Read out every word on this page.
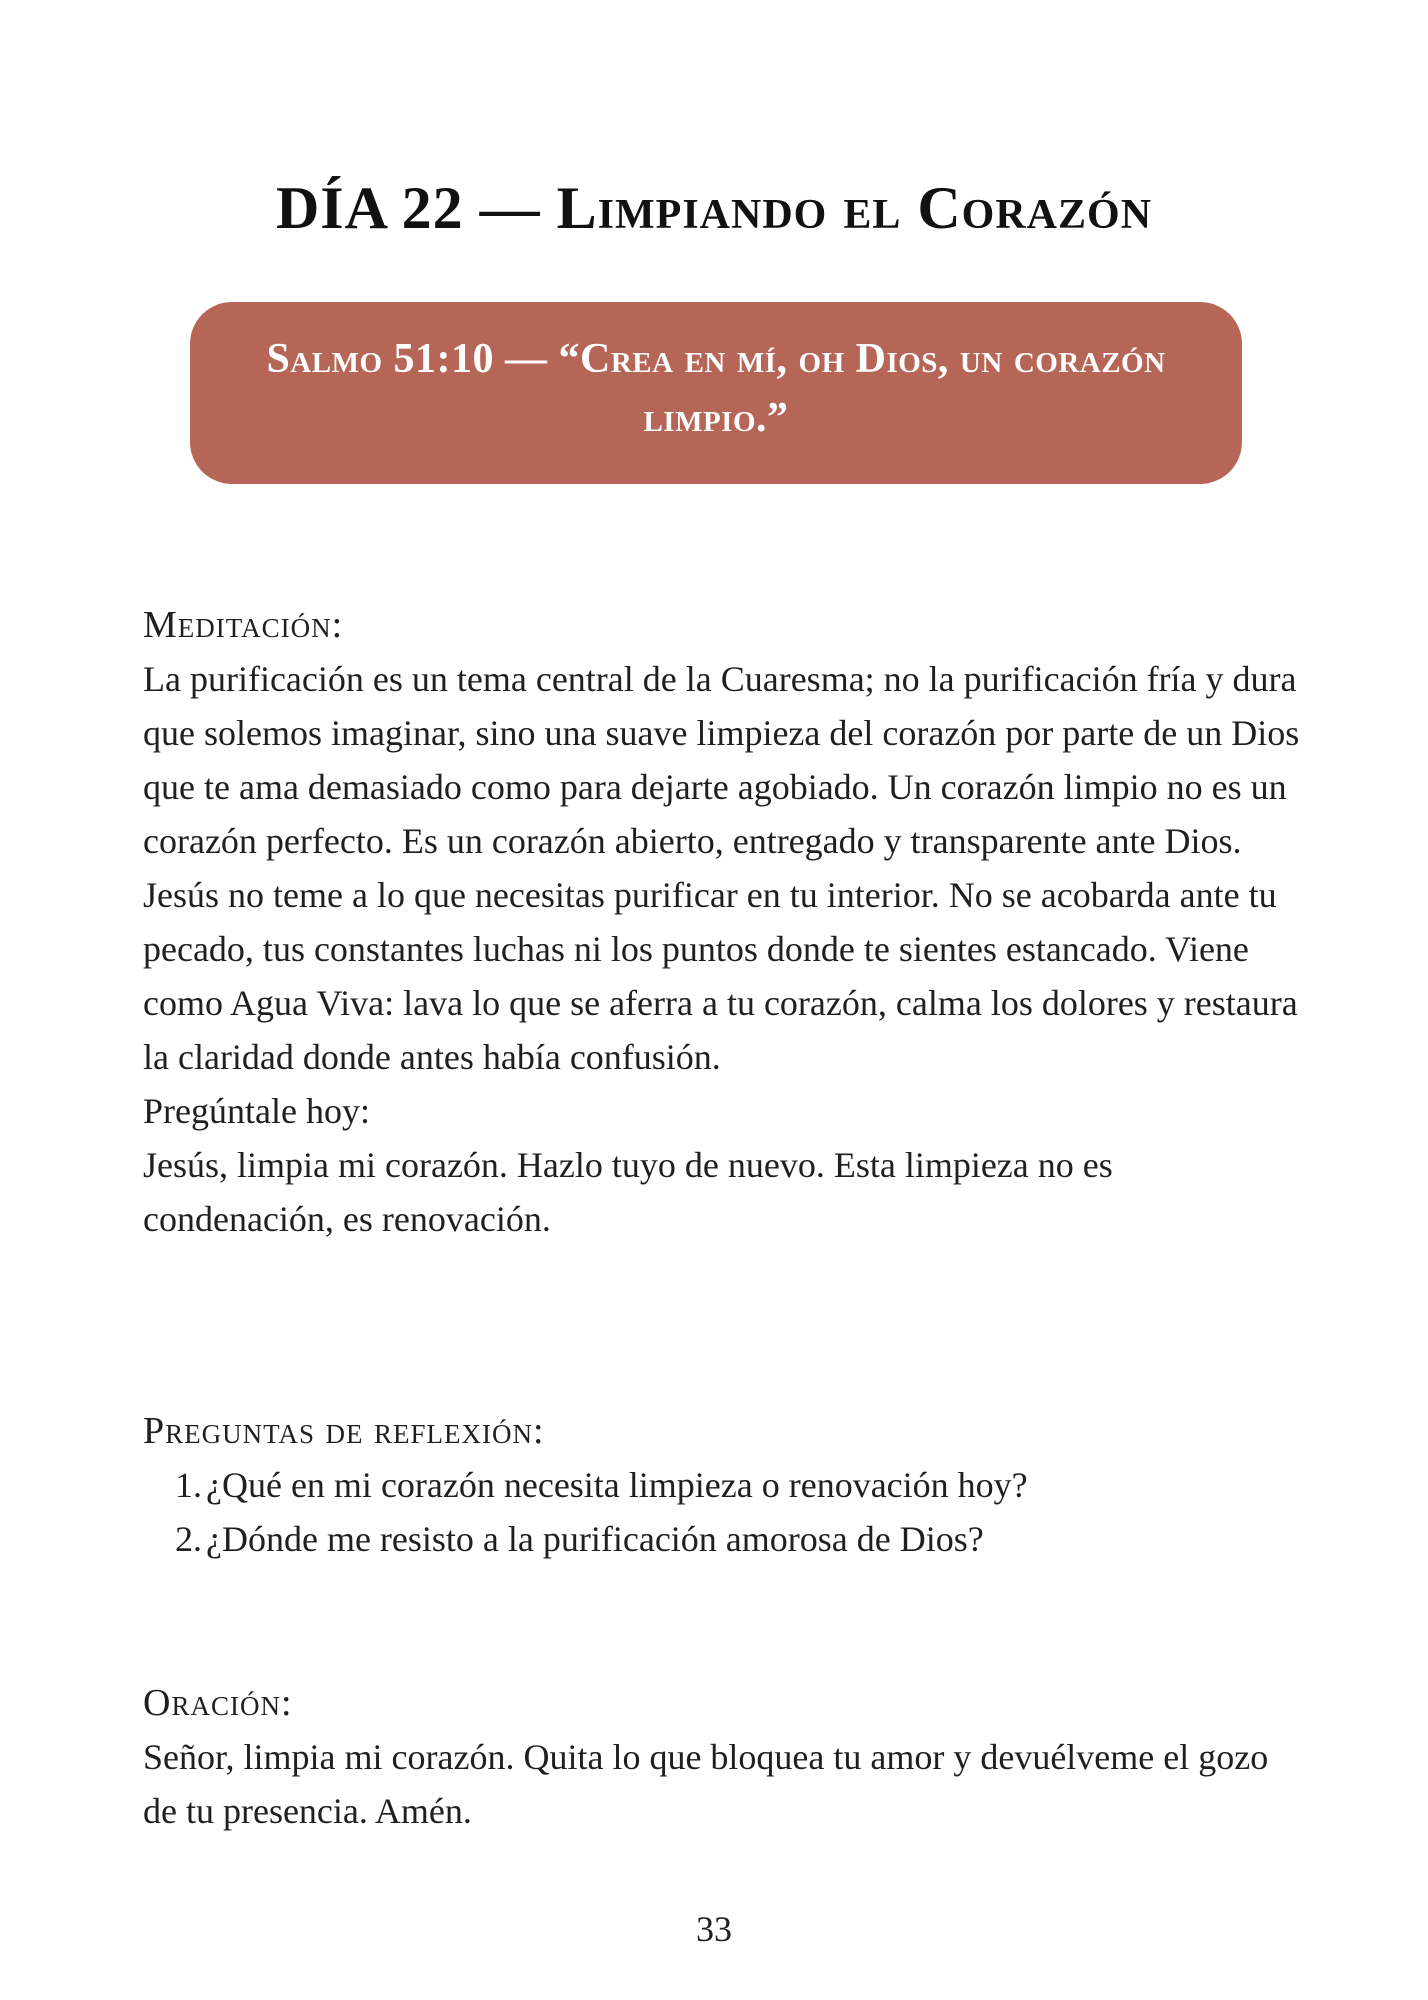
DÍA 22 — Limpiando el Corazón
Salmo 51:10 — “Crea en mí, oh Dios, un corazón limpio.”

Meditación:

La purificación es un tema central de la Cuaresma; no la purificación fría y dura que solemos imaginar, sino una suave limpieza del corazón por parte de un Dios que te ama demasiado como para dejarte agobiado. Un corazón limpio no es un corazón perfecto. Es un corazón abierto, entregado y transparente ante Dios.

Jesús no teme a lo que necesitas purificar en tu interior. No se acobarda ante tu pecado, tus constantes luchas ni los puntos donde te sientes estancado. Viene como Agua Viva: lava lo que se aferra a tu corazón, calma los dolores y restaura la claridad donde antes había confusión.

Pregúntale hoy:

Jesús, limpia mi corazón. Hazlo tuyo de nuevo. Esta limpieza no es condenación, es renovación.

Preguntas de reflexión:

1. ¿Qué en mi corazón necesita limpieza o renovación hoy?
2. ¿Dónde me resisto a la purificación amorosa de Dios?

Oración:

Señor, limpia mi corazón. Quita lo que bloquea tu amor y devuélveme el gozo de tu presencia. Amén.

33
